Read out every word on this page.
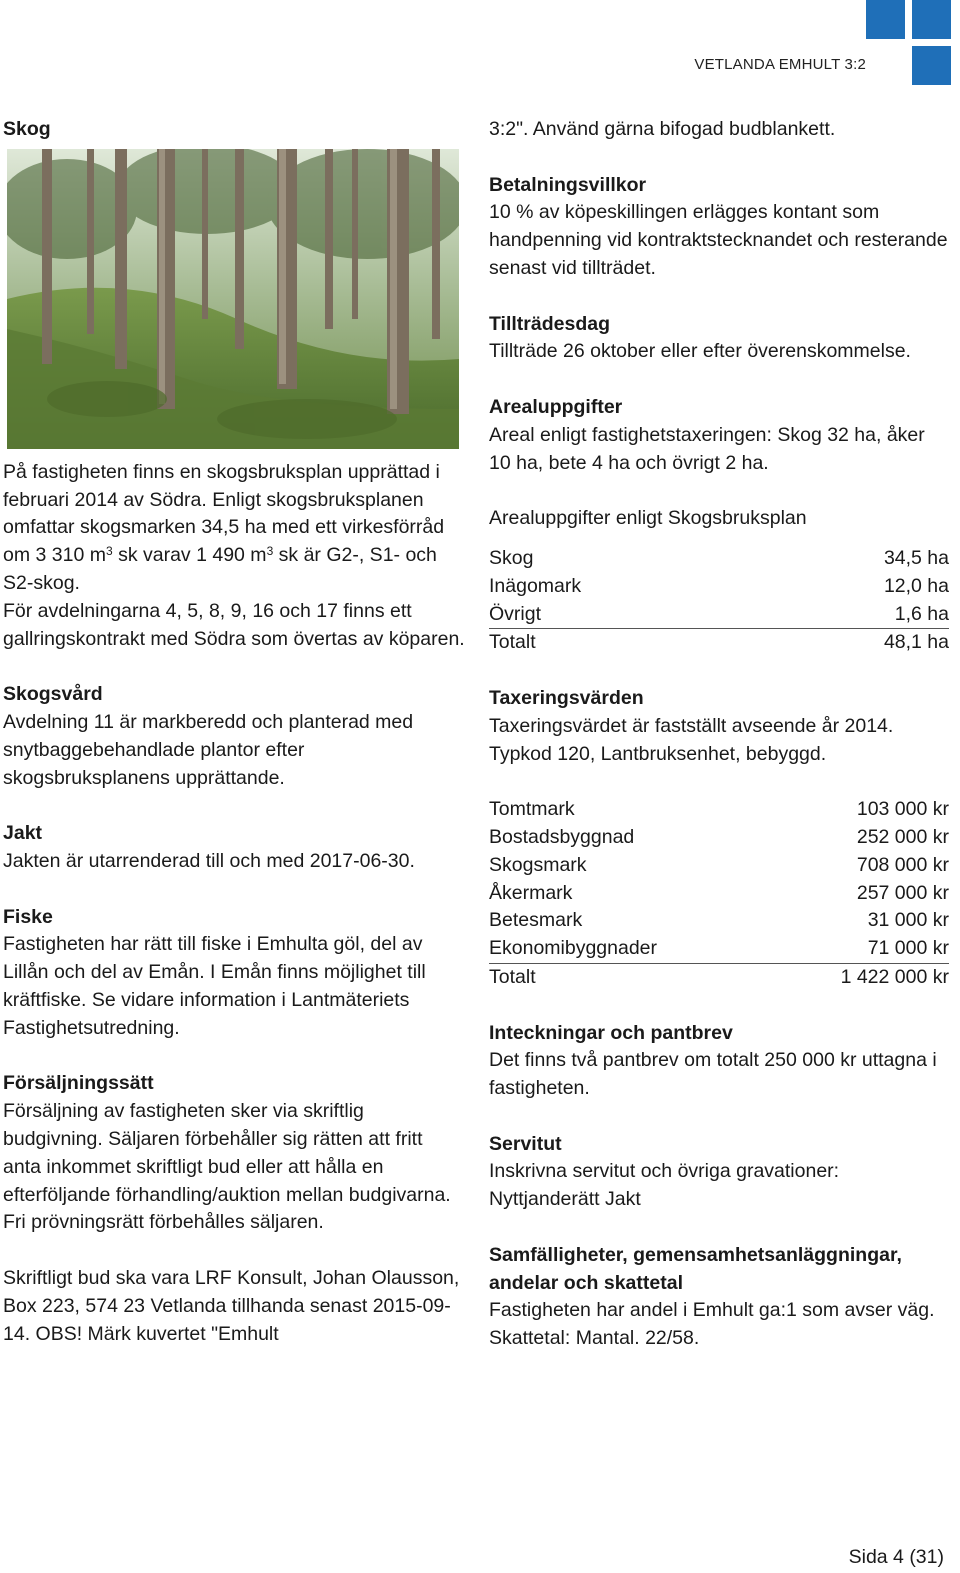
VETLANDA EMHULT 3:2

Skog

På fastigheten finns en skogsbruksplan upprättad i februari 2014 av Södra. Enligt skogsbruksplanen omfattar skogsmarken 34,5 ha med ett virkesförråd om 3 310 $m^3$ sk varav 1 490 $m^3$ sk är G2-, S1- och S2-skog.

För avdelningarna 4, 5, 8, 9, 16 och 17 finns ett gallringskontrakt med Södra som övertas av köparen.

Skogsvård

Avdelning 11 är markberedd och planterad med snytbaggebehandlade plantor efter skogsbruksplanens upprättande.

Jakt

Jakten är utarrenderad till och med 2017-06-30.

Fiske

Fastigheten har rätt till fiske i Emhulta göl, del av Lillån och del av Emån. I Emån finns möjlighet till kräftfiske. Se vidare information i Lantmäteriets Fastighetsutredning.

Försäljningssätt

Försäljning av fastigheten sker via skriftlig budgivning. Säljaren förbehåller sig rätten att fritt anta inkommet skriftligt bud eller att hålla en efterföljande förhandling/auktion mellan budgivarna. Fri prövningsrätt förbehålles säljaren.

Skriftligt bud ska vara LRF Konsult, Johan Olausson, Box 223, 574 23 Vetlanda tillhanda senast 2015-09-14. OBS! Märk kuvertet "Emhult

3:2". Använd gärna bifogad budblankett.

Betalningsvillkor

10 % av köpeskillingen erlägges kontant som handpenning vid kontraktstecknandet och resterande senast vid tillträdet.

Tillträdesdag

Tillträde 26 oktober eller efter överenskommelse.

Arealuppgifter

Areal enligt fastighetstaxeringen: Skog 32 ha, åker 10 ha, bete 4 ha och övrigt 2 ha.

Arealuppgifter enligt Skogsbruksplan

Skog	34,5 ha
Inägomark	12,0 ha
Övrigt	1,6 ha
Totalt	48,1 ha

Taxeringsvärden

Taxeringsvärdet är fastställt avseende år 2014. Typkod 120, Lantbruksenhet, bebyggd.

Tomtmark	103 000 kr
Bostadsbyggnad	252 000 kr
Skogsmark	708 000 kr
Åkermark	257 000 kr
Betesmark	31 000 kr
Ekonomibyggnader	71 000 kr
Totalt	1 422 000 kr

Inteckningar och pantbrev

Det finns två pantbrev om totalt 250 000 kr uttagna i fastigheten.

Servitut

Inskrivna servitut och övriga gravationer:

Nyttjanderätt Jakt

Samfälligheter, gemensamhetsanläggningar, andelar och skattetal

Fastigheten har andel i Emhult ga:1 som avser väg. Skattetal: Mantal. 22/58.

Sida 4 (31)
